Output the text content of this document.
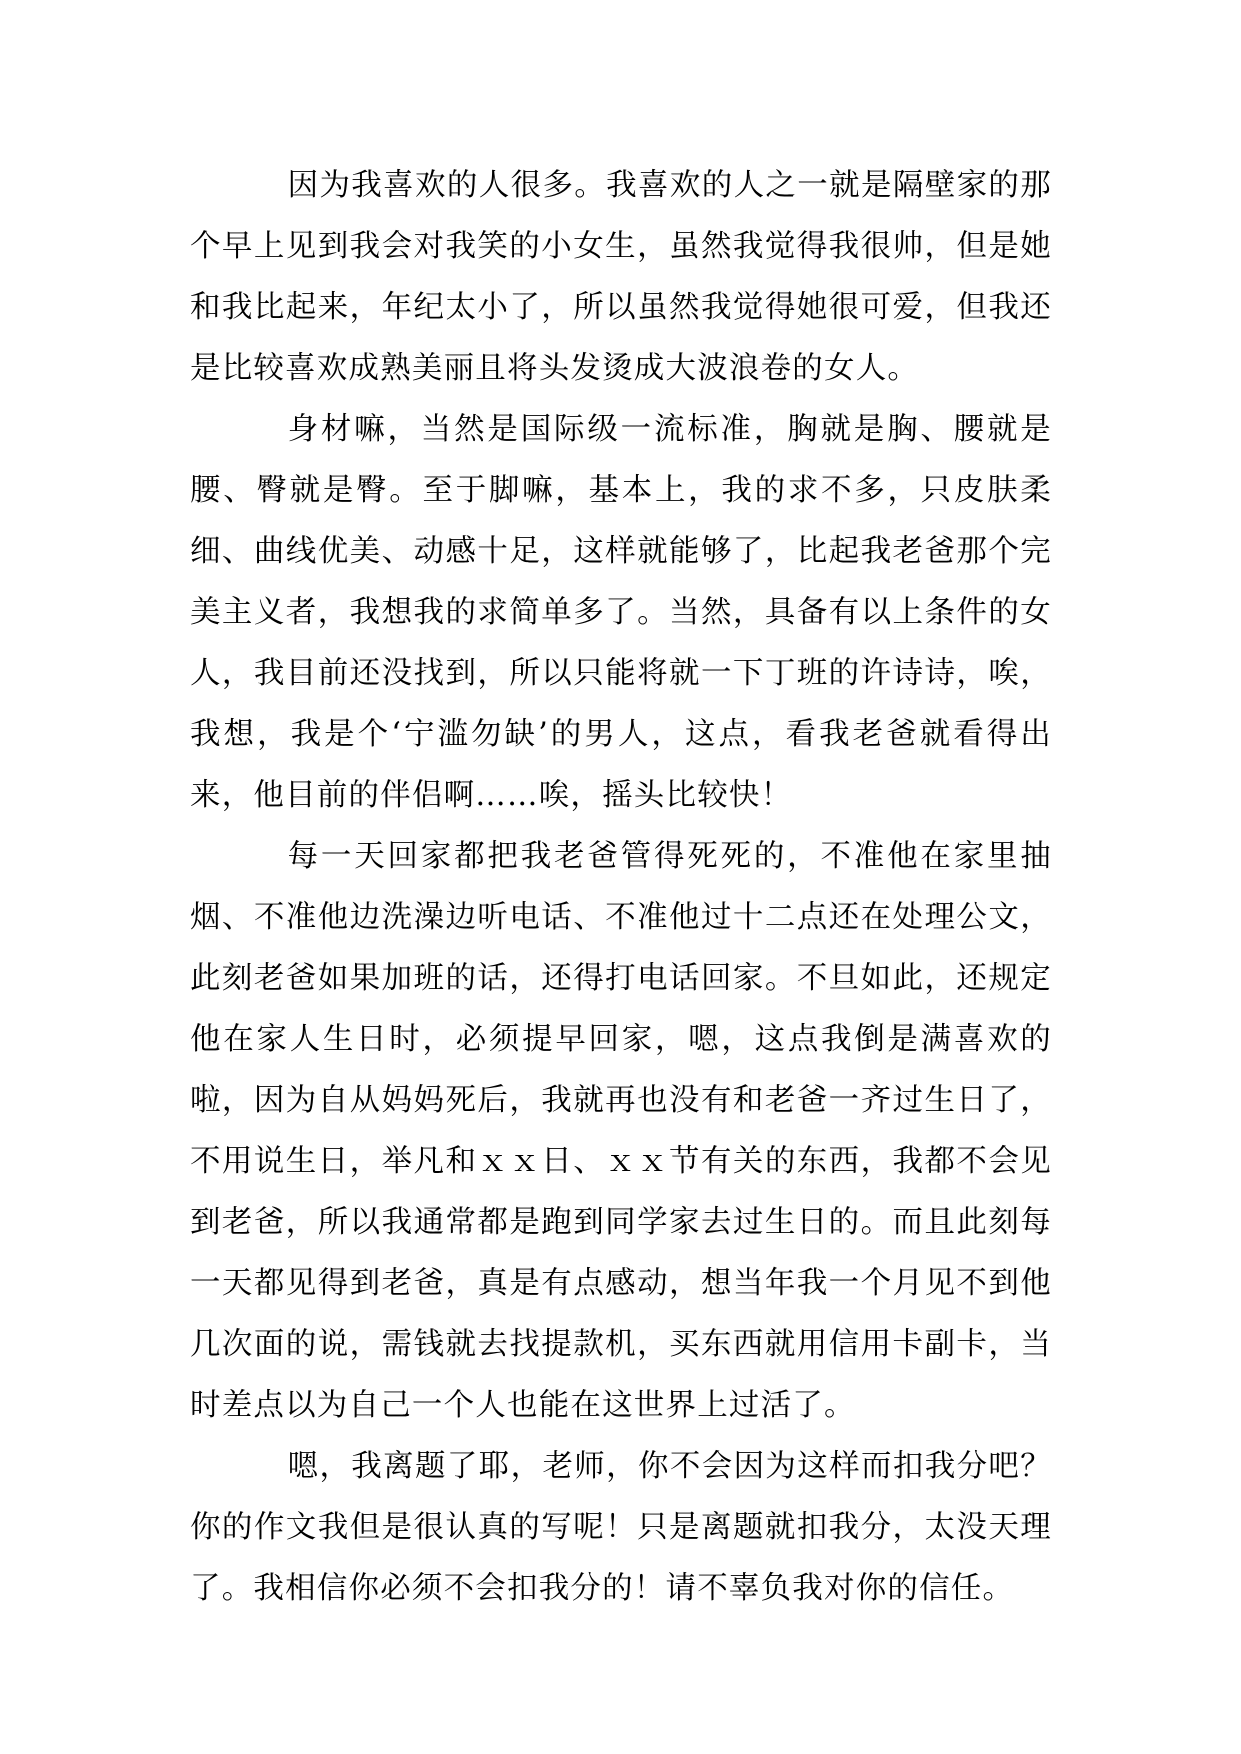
因为我喜欢的人很多。我喜欢的人之一就是隔壁家的那个早上见到我会对我笑的小女生，虽然我觉得我很帅，但是她和我比起来，年纪太小了，所以虽然我觉得她很可爱，但我还是比较喜欢成熟美丽且将头发烫成大波浪卷的女人。

身材嘛，当然是国际级一流标准，胸就是胸、腰就是腰、臀就是臀。至于脚嘛，基本上，我的求不多，只皮肤柔细、曲线优美、动感十足，这样就能够了，比起我老爸那个完美主义者，我想我的求简单多了。当然，具备有以上条件的女人，我目前还没找到，所以只能将就一下丁班的许诗诗，唉，我想，我是个‘宁滥勿缺’的男人，这点，看我老爸就看得出来，他目前的伴侣啊……唉，摇头比较快！

每一天回家都把我老爸管得死死的，不准他在家里抽烟、不准他边洗澡边听电话、不准他过十二点还在处理公文，此刻老爸如果加班的话，还得打电话回家。不旦如此，还规定他在家人生日时，必须提早回家，嗯，这点我倒是满喜欢的啦，因为自从妈妈死后，我就再也没有和老爸一齐过生日了，不用说生日，举凡和ｘｘ日、ｘｘ节有关的东西，我都不会见到老爸，所以我通常都是跑到同学家去过生日的。而且此刻每一天都见得到老爸，真是有点感动，想当年我一个月见不到他几次面的说，需钱就去找提款机，买东西就用信用卡副卡，当时差点以为自己一个人也能在这世界上过活了。

嗯，我离题了耶，老师，你不会因为这样而扣我分吧？你的作文我但是很认真的写呢！只是离题就扣我分，太没天理了。我相信你必须不会扣我分的！请不辜负我对你的信任。
